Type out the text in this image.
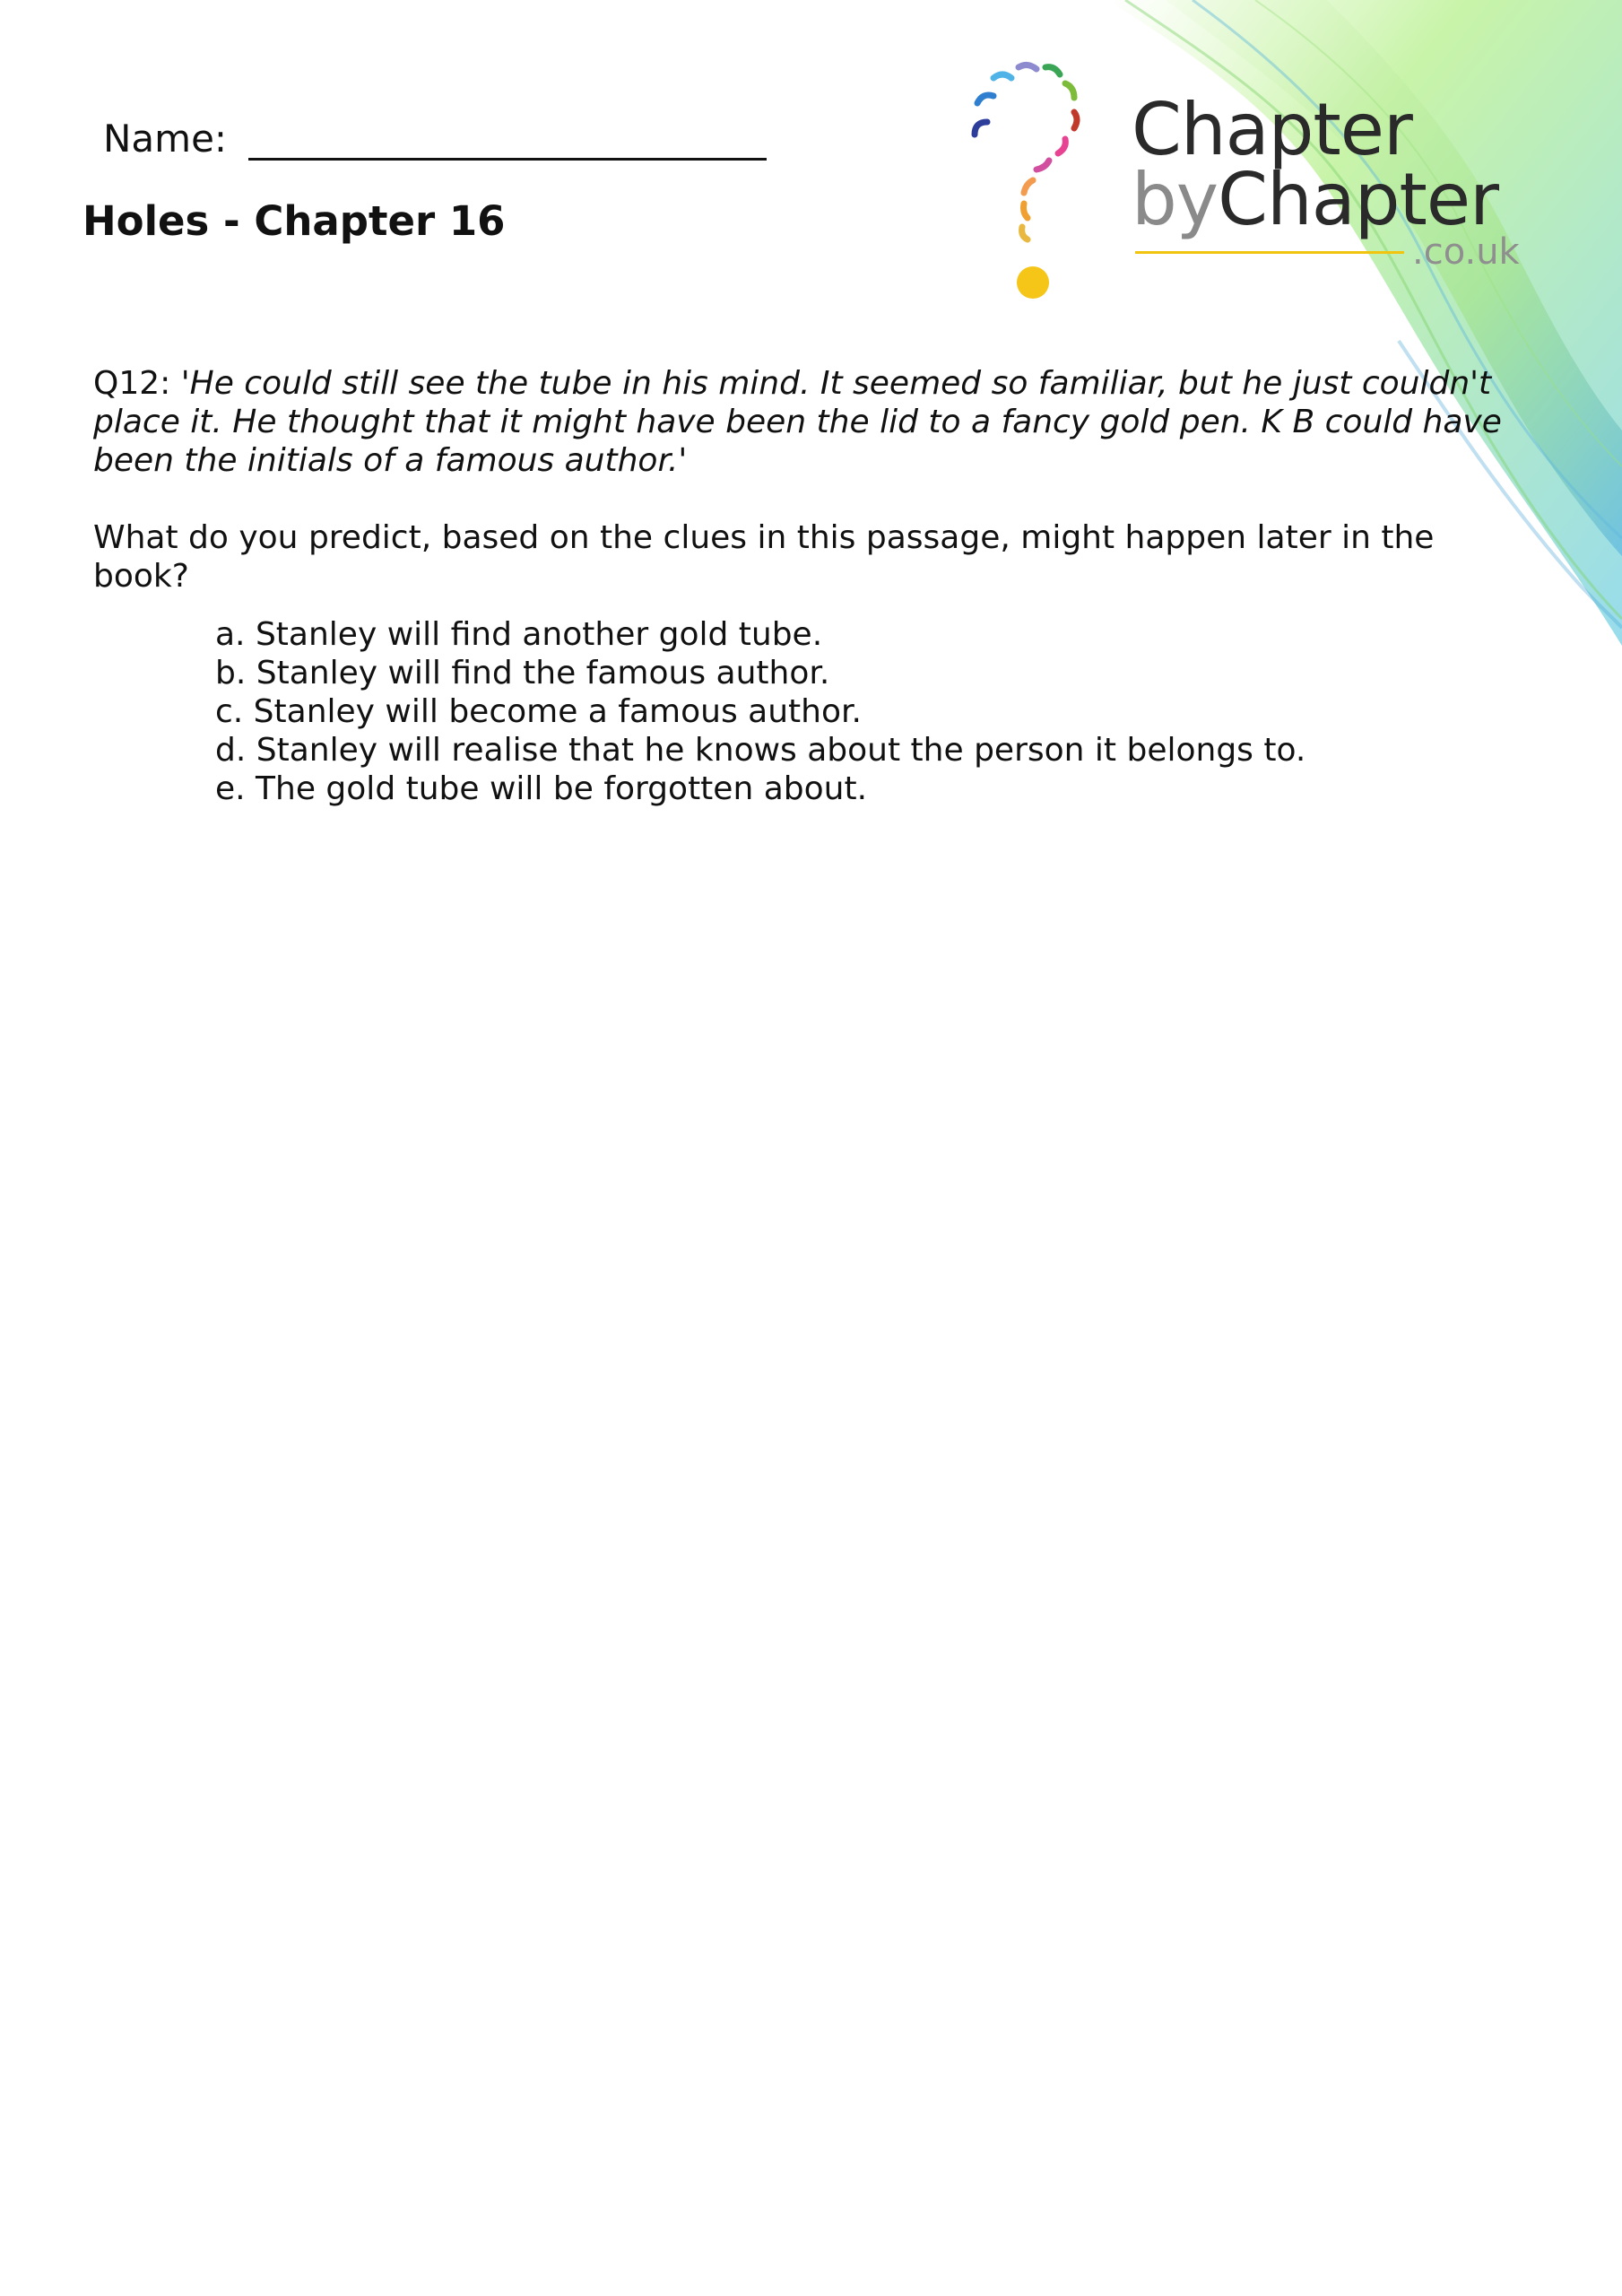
Name:
Holes - Chapter 16
Chapter
byChapter
.co.uk
Q12: 'He could still see the tube in his mind. It seemed so familiar, but he just couldn't place it. He thought that it might have been the lid to a fancy gold pen. K B could have been the initials of a famous author.'
What do you predict, based on the clues in this passage, might happen later in the book?
a. Stanley will find another gold tube.
b. Stanley will find the famous author.
c. Stanley will become a famous author.
d. Stanley will realise that he knows about the person it belongs to.
e. The gold tube will be forgotten about.
